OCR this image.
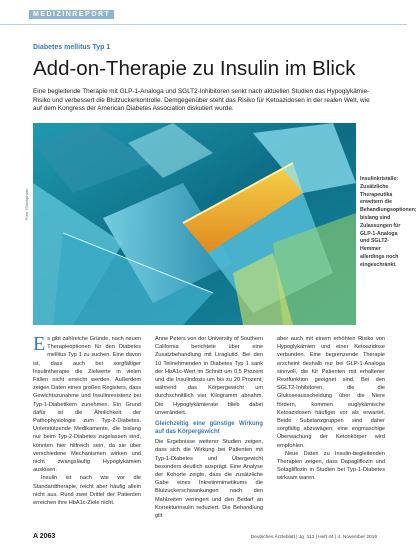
MEDIZINREPORT
Diabetes mellitus Typ 1
Add-on-Therapie zu Insulin im Blick

Eine begleitende Therapie mit GLP-1-Analoga und SGLT2-Inhibitoren senkt nach aktuellen Studien das Hypoglykämie-Risiko und verbessert die Blutzuckerkontrolle. Demgegenüber steht das Risiko für Ketoazidosen in der realen Welt, wie auf dem Kongress der American Diabetes Association diskutiert wurde.

Foto: iStockphoto
Insulinkristalle: Zusätzliche Therapeutika erweitern die Behandlungsoptionen; bislang sind Zulassungen für GLP-1-Analoga und SGLT2-Hemmer allerdings noch eingeschränkt.
E s gibt zahlreiche Gründe, nach neuen Therapieoptionen für den Diabetes mellitus Typ 1 zu suchen. Eine davon ist, dass auch bei sorgfältiger Insulintherapie die Zielwerte in vielen Fällen nicht erreicht werden. Außerdem zeigen Daten eines großen Registers, dass Gewichtszunahme und Insulinresistenz bei Typ-1-Diabetikern zunehmen. Ein Grund dafür ist die Ähnlichkeit der Pathophysiologie zum Typ-2-Diabetes. Unterstützende Medikamente, die bislang nur beim Typ-2-Diabetes zugelassen sind, könnten hier hilfreich sein, da sie über verschiedene Mechanismen wirken und nicht zwangsläufig Hypoglykämien auslösen.

Insulin ist nach wie vor die Standardtherapie, reicht aber häufig allein nicht aus. Rund zwei Drittel der Patienten erreichen ihre HbA1c-Ziele nicht.

Anne Peters von der University of Southern California berichtete über eine Zusatzbehandlung mit Liraglutid. Bei den 10 Teilnehmenden in Diabetes Typ 1 sank der HbA1c-Wert im Schnitt um 0,5 Prozent und die Insulindosis um bis zu 20 Prozent, während das Körpergewicht um durchschnittlich vier Kilogramm abnahm. Die Hypoglykämierate blieb dabei unverändert.

Gleichzeitig eine günstige Wirkung auf das Körpergewicht

Die Ergebnisse weiterer Studien zeigen, dass sich die Wirkung bei Patienten mit Typ-1-Diabetes und Übergewicht besonders deutlich ausprägt. Eine Analyse der Kohorte zeigte, dass die zusätzliche Gabe eines Inkretinmimetikums die Blutzuckerschwankungen nach den Mahlzeiten verringert und den Bedarf an Korrekturinsulin reduziert. Die Behandlung gilt

aber auch mit einem erhöhten Risiko von Hypoglykämien und einer Ketoazidose verbunden. Eine begrenzende Therapie erscheint deshalb nur bei GLP-1-Analoga sinnvoll, die für Patienten mit erhaltener Restfunktion geeignet sind. Bei den SGLT2-Inhibitoren, die die Glukoseausscheidung über die Niere fördern, kommen euglykämische Ketoazidosen häufiger vor als erwartet. Beide Substanzgruppen sind daher sorgfältig abzuwägen; eine engmaschige Überwachung der Ketonkörper wird empfohlen.

Neue Daten zu Insulin-begleitenden Therapien zeigen, dass Dapagliflozin und Sotagliflozin in Studien bei Typ-1-Diabetes wirksam waren.

A 2063	Deutsches Ärzteblatt | Jg. 113 | Heft 44 | 4. November 2016
